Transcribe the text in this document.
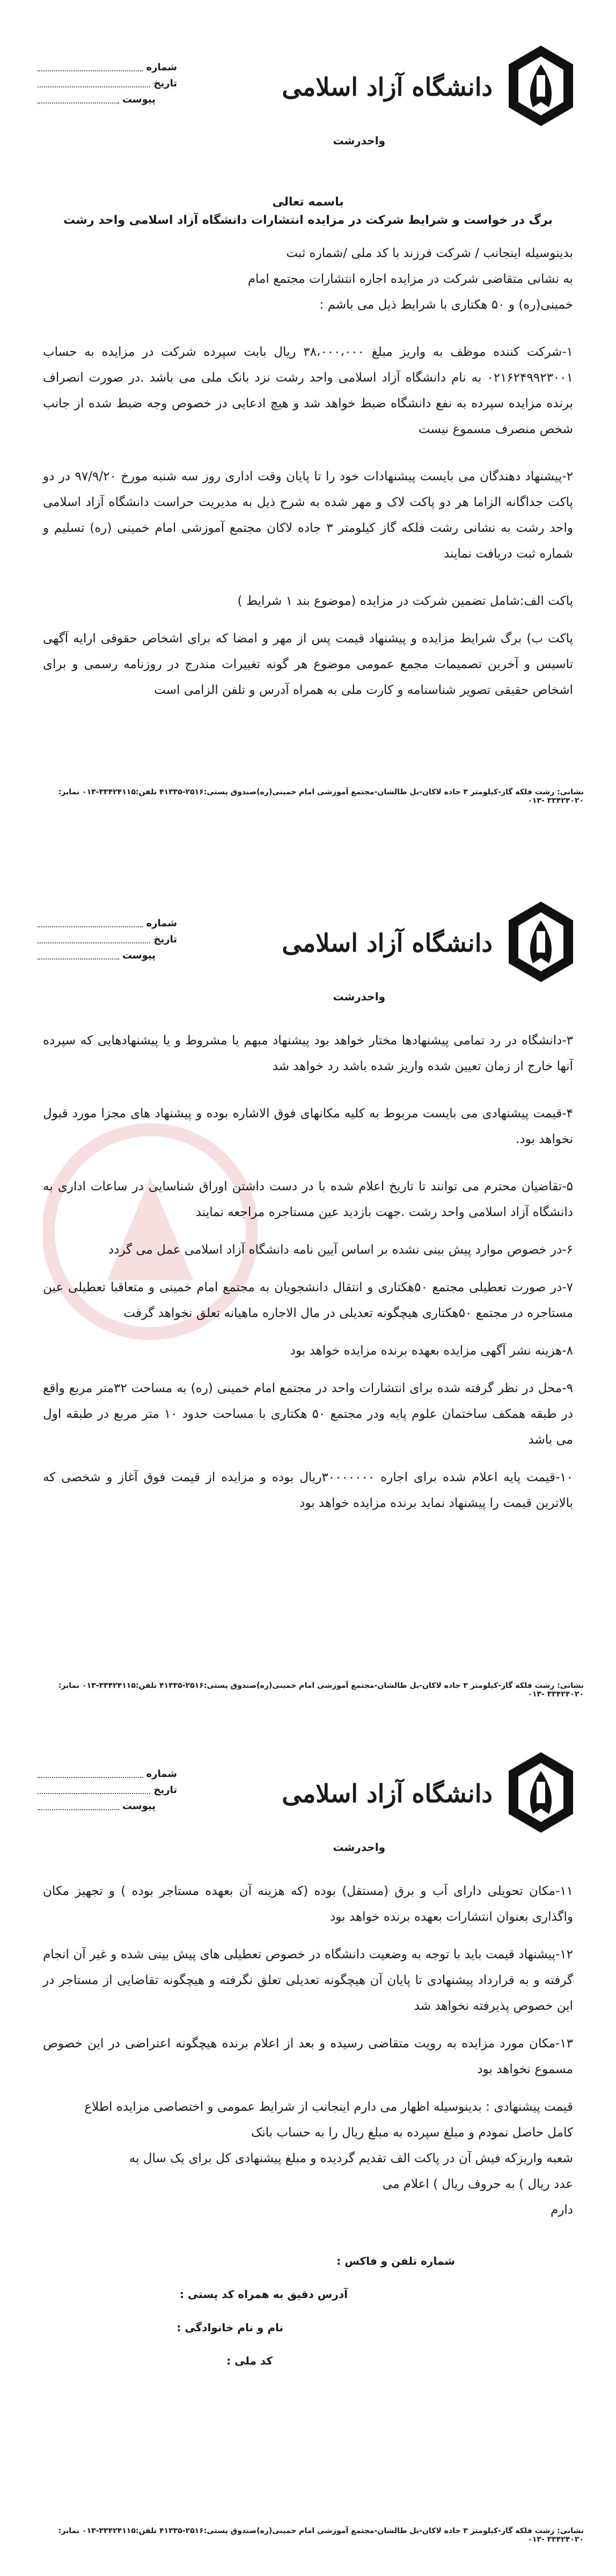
دانشگاه آزاد اسلامی
واحدرشت
شماره
تاریخ
پیوست
باسمه تعالی
برگ در خواست و شرایط شرکت در مزایده انتشارات دانشگاه آزاد اسلامی واحد رشت
بدینوسیله اینجانب / شرکت فرزند با کد ملی /شماره ثبت
به نشانی متقاضی شرکت در مزایده اجاره انتشارات مجتمع امام
خمینی(ره) و ۵۰ هکتاری با شرایط ذیل می باشم :

۱-شرکت کننده موظف به واریز مبلغ ۳۸،۰۰۰،۰۰۰ ریال بابت سپرده شرکت در مزایده به حساب ۰۲۱۶۲۴۹۹۲۳۰۰۱ به نام دانشگاه آزاد اسلامی واحد رشت نزد بانک ملی می باشد .در صورت انصراف برنده مزایده سپرده به نفع دانشگاه ضبط خواهد شد و هیچ ادعایی در خصوص وجه ضبط شده از جانب شخص منصرف مسموع نیست

۲-پیشنهاد دهندگان می بایست پیشنهادات خود را تا پایان وقت اداری روز سه شنبه مورخ ۹۷/۹/۲۰ در دو پاکت جداگانه الزاما هر دو پاکت لاک و مهر شده به شرح ذیل به مدیریت حراست دانشگاه آزاد اسلامی واحد رشت به نشانی رشت فلکه گاز کیلومتر ۳ جاده لاکان مجتمع آموزشی امام خمینی (ره) تسلیم و شماره ثبت دریافت نمایند

پاکت الف:شامل تضمین شرکت در مزایده (موضوع بند ۱ شرایط )

پاکت ب) برگ شرایط مزایده و پیشنهاد قیمت پس از مهر و امضا که برای اشخاص حقوقی ارایه آگهی تاسیس و آخرین تصمیمات مجمع عمومی موضوع هر گونه تغییرات مندرج در روزنامه رسمی و برای اشخاص حقیقی تصویر شناسنامه و کارت ملی به همراه آدرس و تلفن الزامی است

نشانی: رشت فلکه گاز-کیلومتر ۳ جاده لاکان-بل طالشان-مجتمع آموزشی امام خمینی(ره)صندوق پستی:۲۵۱۶-۴۱۳۳۵ تلفن:۳۳۴۲۴۱۱۵-۰۱۳ نمابر: ۳۳۴۲۴۰۲۰ -۰۱۳
دانشگاه آزاد اسلامی
واحدرشت
شماره
تاریخ
پیوست

۳-دانشگاه در رد تمامی پیشنهادها مختار خواهد بود پیشنهاد مبهم یا مشروط و یا پیشنهادهایی که سپرده آنها خارج از زمان تعیین شده واریز شده باشد رد خواهد شد

۴-قیمت پیشنهادی می بایست مربوط به کلیه مکانهای فوق الاشاره بوده و پیشنهاد های مجزا مورد قبول نخواهد بود.

۵-تقاضیان محترم می توانند تا تاریخ اعلام شده با در دست داشتن اوراق شناسایی در ساعات اداری به دانشگاه آزاد اسلامی واحد رشت .جهت بازدید عین مستاجره مراجعه نمایند

۶-در خصوص موارد پیش بینی نشده بر اساس آیین نامه دانشگاه آزاد اسلامی عمل می گردد

۷-در صورت تعطیلی مجتمع ۵۰هکتاری و انتقال دانشجویان به مجتمع امام خمینی و متعاقبا تعطیلی عین مستاجره در مجتمع ۵۰هکتاری هیچگونه تعدیلی در مال الاجاره ماهیانه تعلق نخواهد گرفت

۸-هزینه نشر آگهی مزایده بعهده برنده مزایده خواهد بود

۹-محل در نظر گرفته شده برای انتشارات واحد در مجتمع امام خمینی (ره) به مساحت ۳۲متر مربع واقع در طبقه همکف ساختمان علوم پایه ودر مجتمع ۵۰ هکتاری با مساحت حدود ۱۰ متر مربع در طبقه اول می باشد

۱۰-قیمت پایه اعلام شده برای اجاره ۳۰۰۰۰۰۰۰ریال بوده و مزایده از قیمت فوق آغاز و شخصی که بالاترین قیمت را پیشنهاد نماید برنده مزایده خواهد بود

نشانی: رشت فلکه گاز-کیلومتر ۳ جاده لاکان-بل طالشان-مجتمع آموزشی امام خمینی(ره)صندوق پستی:۲۵۱۶-۴۱۳۳۵ تلفن:۳۳۴۲۴۱۱۵-۰۱۳ نمابر: ۳۳۴۲۴۰۲۰ -۰۱۳
دانشگاه آزاد اسلامی
واحدرشت
شماره
تاریخ
پیوست

۱۱-مکان تحویلی دارای آب و برق (مستقل) بوده (که هزینه آن بعهده مستاجر بوده ) و تجهیز مکان واگذاری بعنوان انتشارات بعهده برنده خواهد بود

۱۲-پیشنهاد قیمت باید با توجه به وضعیت دانشگاه در خصوص تعطیلی های پیش بینی شده و غیر آن انجام گرفته و به قرارداد پیشنهادی تا پایان آن هیچگونه تعدیلی تعلق نگرفته و هیچگونه تقاضایی از مستاجر در این خصوص پذیرفته نخواهد شد

۱۳-مکان مورد مزایده به رویت متقاضی رسیده و بعد از اعلام برنده هیچگونه اعتراضی در این خصوص مسموع نخواهد بود

قیمت پیشنهادی : بدینوسیله اظهار می دارم اینجانب از شرایط عمومی و اختصاصی مزایده اطلاع
کامل حاصل نمودم و مبلغ سپرده به مبلغ ریال را به حساب بانک
شعبه واریزکه فیش آن در پاکت الف تقدیم گردیده و مبلغ پیشنهادی کل برای یک سال به
عدد ریال ) به حروف ریال ) اعلام می
دارم
شماره تلفن و فاکس :
آدرس دقیق به همراه کد پستی :
نام و نام خانوادگی :
کد ملی :
نشانی: رشت فلکه گاز-کیلومتر ۳ جاده لاکان-بل طالشان-مجتمع آموزشی امام خمینی(ره)صندوق پستی:۲۵۱۶-۴۱۳۳۵ تلفن:۳۳۴۲۴۱۱۵-۰۱۳ نمابر: ۳۳۴۲۴۰۲۰ -۰۱۳
